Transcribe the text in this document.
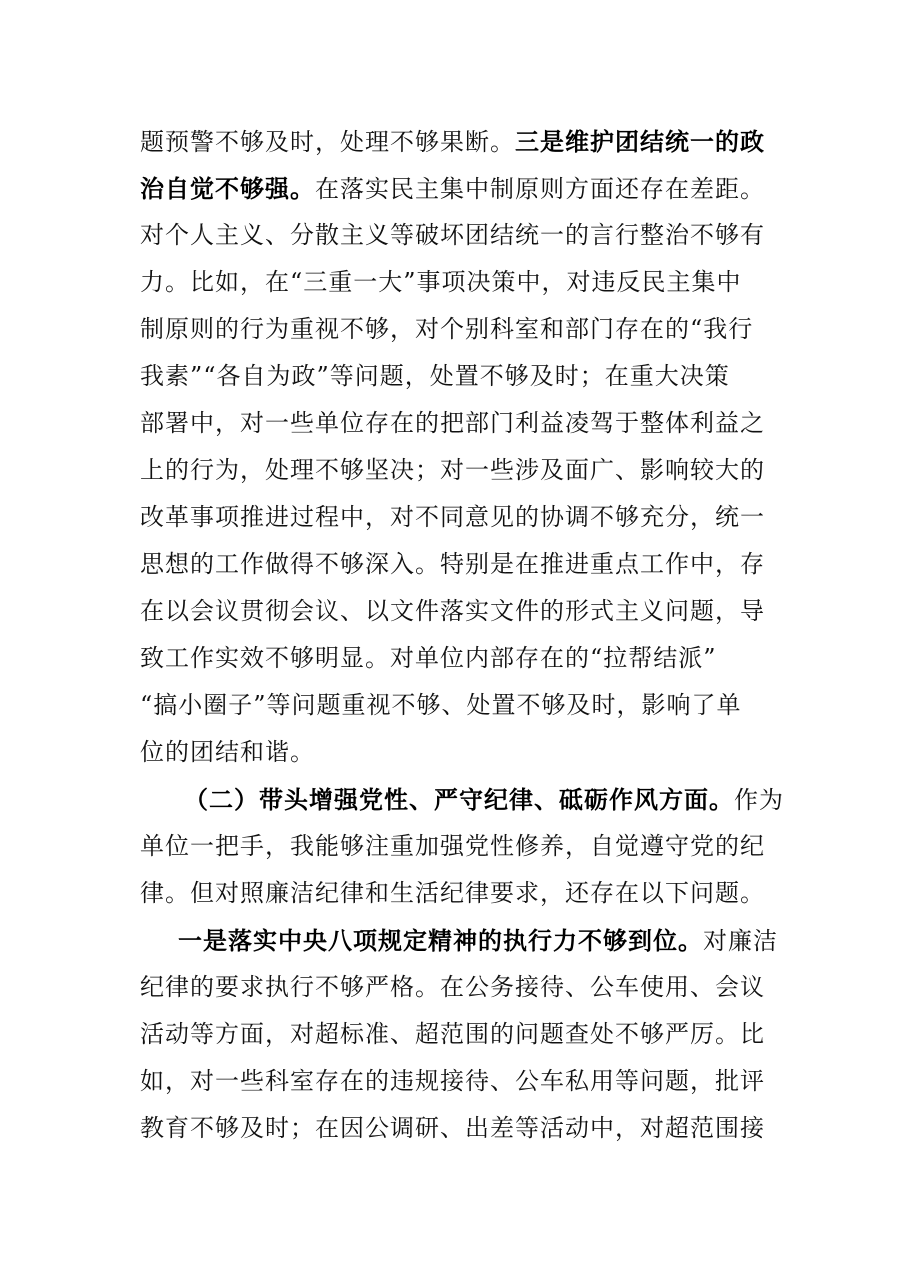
题预警不够及时，处理不够果断。三是维护团结统一的政
治自觉不够强。在落实民主集中制原则方面还存在差距。
对个人主义、分散主义等破坏团结统一的言行整治不够有
力。比如，在“三重一大”事项决策中，对违反民主集中
制原则的行为重视不够，对个别科室和部门存在的“我行
我素”“各自为政”等问题，处置不够及时；在重大决策
部署中，对一些单位存在的把部门利益凌驾于整体利益之
上的行为，处理不够坚决；对一些涉及面广、影响较大的
改革事项推进过程中，对不同意见的协调不够充分，统一
思想的工作做得不够深入。特别是在推进重点工作中，存
在以会议贯彻会议、以文件落实文件的形式主义问题，导
致工作实效不够明显。对单位内部存在的“拉帮结派”
“搞小圈子”等问题重视不够、处置不够及时，影响了单
位的团结和谐。
（二）带头增强党性、严守纪律、砥砺作风方面。作为
单位一把手，我能够注重加强党性修养，自觉遵守党的纪
律。但对照廉洁纪律和生活纪律要求，还存在以下问题。
一是落实中央八项规定精神的执行力不够到位。对廉洁
纪律的要求执行不够严格。在公务接待、公车使用、会议
活动等方面，对超标准、超范围的问题查处不够严厉。比
如，对一些科室存在的违规接待、公车私用等问题，批评
教育不够及时；在因公调研、出差等活动中，对超范围接
